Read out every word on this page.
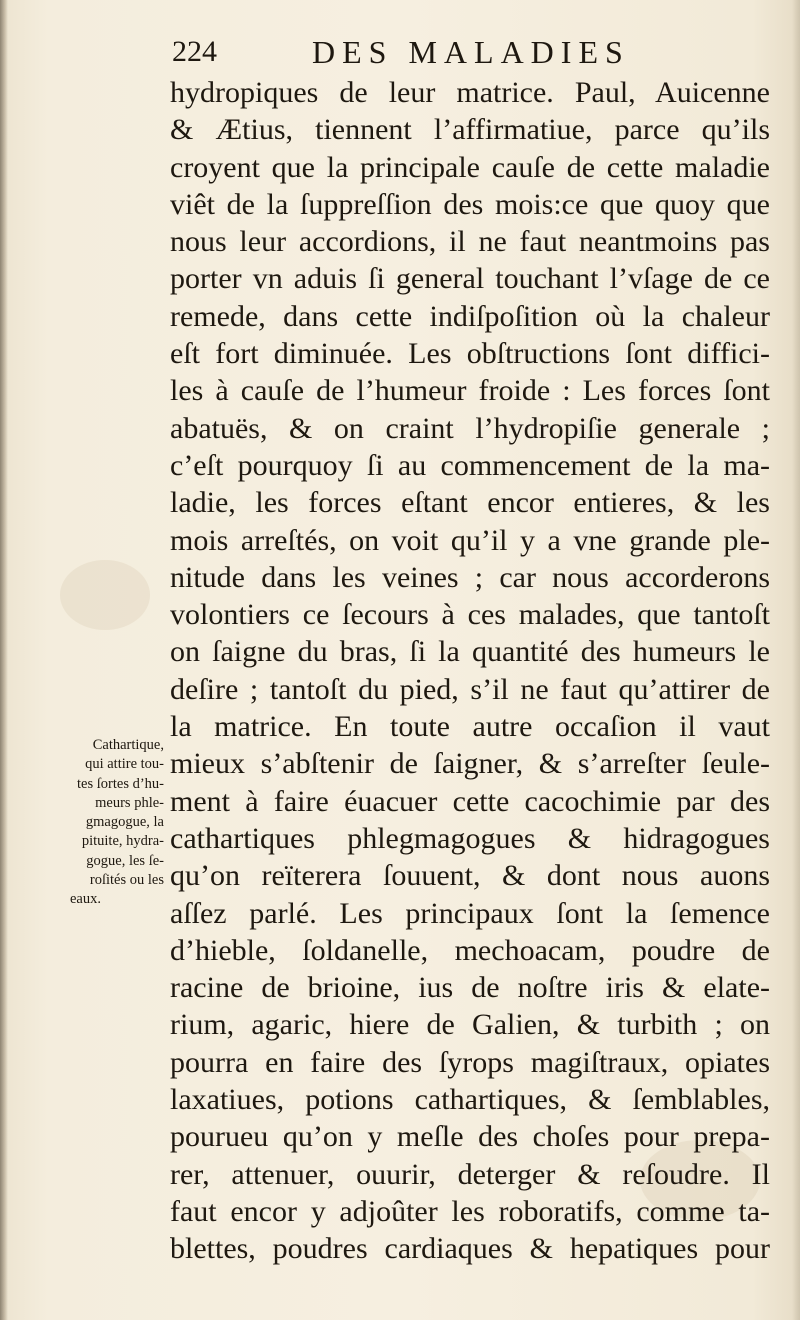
224	DES MALADIES
hydropiques de leur matrice. Paul, Auicenne
& Ætius, tiennent l’affirmatiue, parce qu’ils
croyent que la principale cauſe de cette maladie
viêt de la ſuppreſſion des mois:ce que quoy que
nous leur accordions, il ne faut neantmoins pas
porter vn aduis ſi general touchant l’vſage de ce
remede, dans cette indiſpoſition où la chaleur
eſt fort diminuée. Les obſtructions ſont diffici-
les à cauſe de l’humeur froide : Les forces ſont
abatuës, & on craint l’hydropiſie generale ;
c’eſt pourquoy ſi au commencement de la ma-
ladie, les forces eſtant encor entieres, & les
mois arreſtés, on voit qu’il y a vne grande ple-
nitude dans les veines ; car nous accorderons
volontiers ce ſecours à ces malades, que tantoſt
on ſaigne du bras, ſi la quantité des humeurs le
deſire ; tantoſt du pied, s’il ne faut qu’attirer de
la matrice. En toute autre occaſion il vaut
mieux s’abſtenir de ſaigner, & s’arreſter ſeule-
ment à faire éuacuer cette cacochimie par des
cathartiques phlegmagogues & hidragogues
qu’on reïterera ſouuent, & dont nous auons
aſſez parlé. Les principaux ſont la ſemence
d’hieble, ſoldanelle, mechoacam, poudre de
racine de brioine, ius de noſtre iris & elate-
rium, agaric, hiere de Galien, & turbith ; on
pourra en faire des ſyrops magiſtraux, opiates
laxatiues, potions cathartiques, & ſemblables,
pourueu qu’on y meſle des choſes pour prepa-
rer, attenuer, ouurir, deterger & reſoudre. Il
faut encor y adjoûter les roboratifs, comme ta-
blettes, poudres cardiaques & hepatiques pour
Cathartique,
qui attire tou-
tes ſortes d’hu-
meurs phle-
gmagogue, la
pituite, hydra-
gogue, les ſe-
roſités ou les
eaux.
